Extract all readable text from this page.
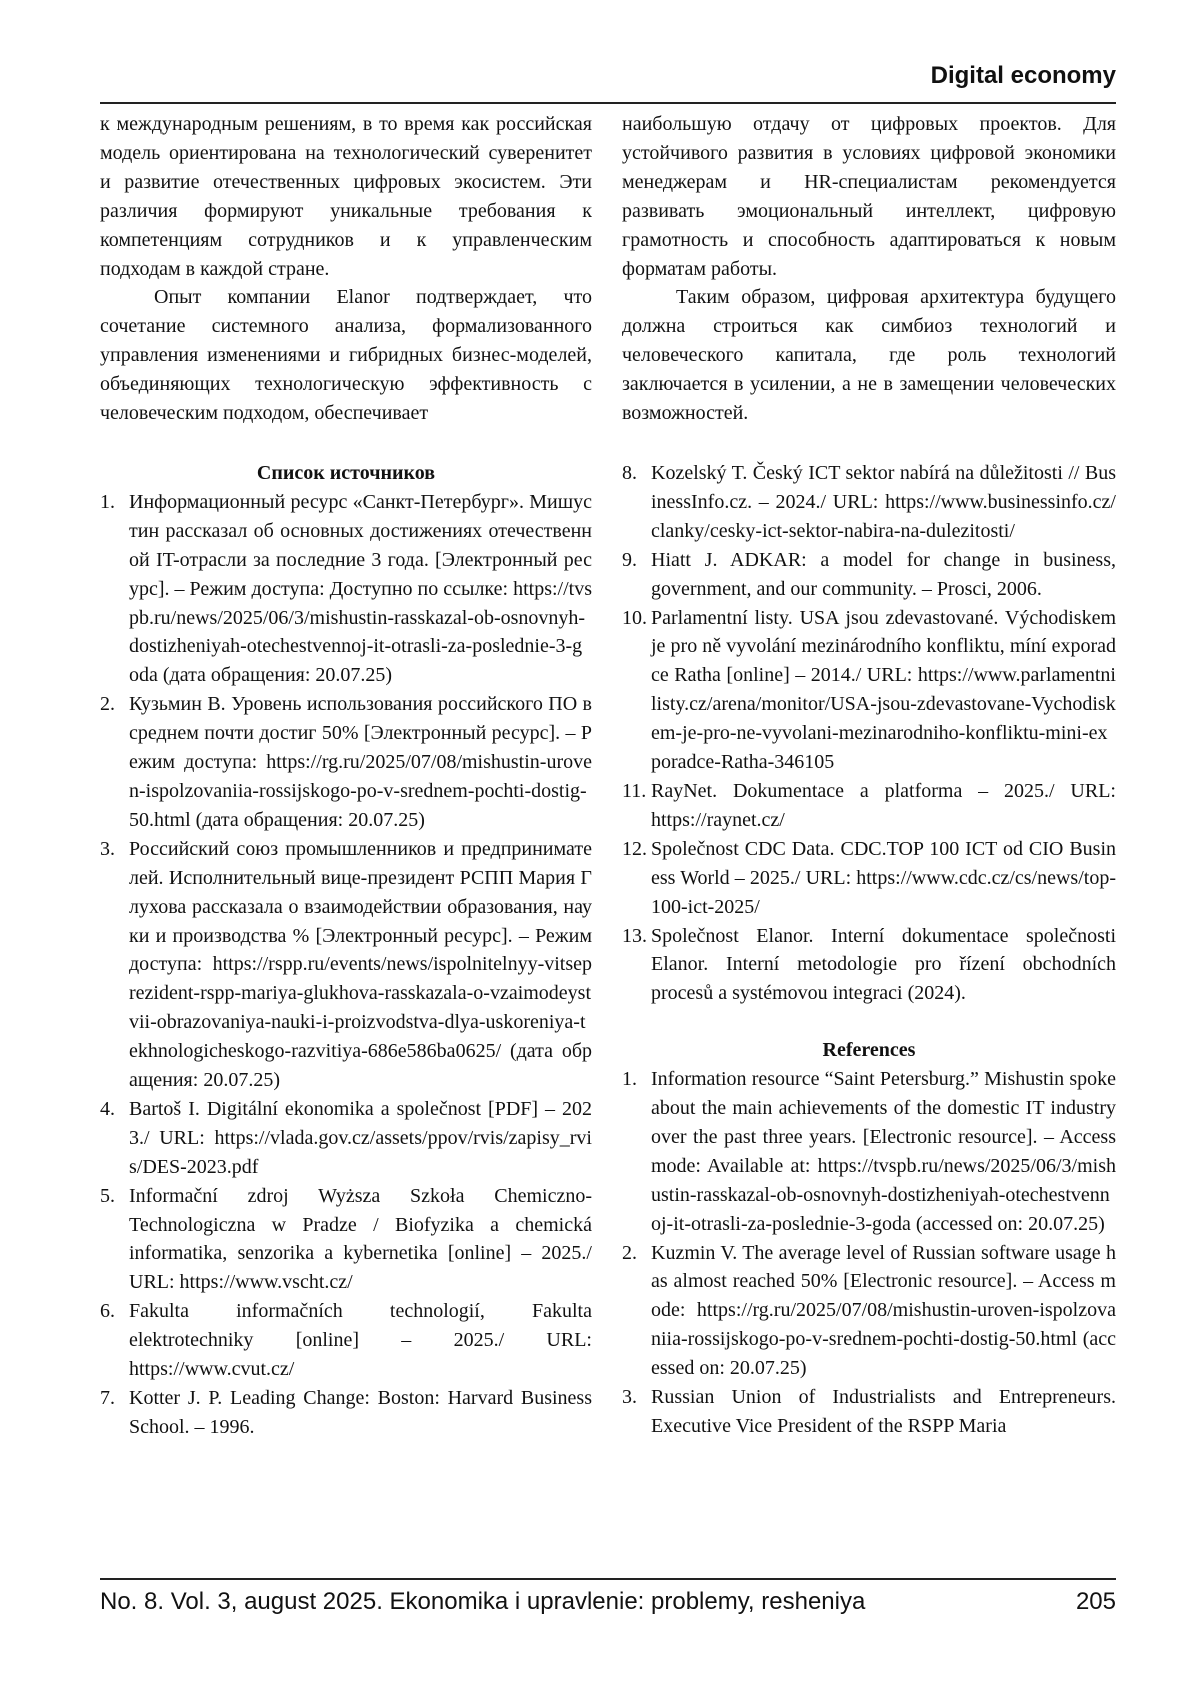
Digital economy

к международным решениям, в то время как российская модель ориентирована на технологический суверенитет и развитие отечественных цифровых экосистем. Эти различия формируют уникальные требования к компетенциям сотрудников и к управленческим подходам в каждой стране.

Опыт компании Elanor подтверждает, что сочетание системного анализа, формализованного управления изменениями и гибридных бизнес-моделей, объединяющих технологическую эффективность с человеческим подходом, обеспечивает

наибольшую отдачу от цифровых проектов. Для устойчивого развития в условиях цифровой экономики менеджерам и HR-специалистам рекомендуется развивать эмоциональный интеллект, цифровую грамотность и способность адаптироваться к новым форматам работы.

Таким образом, цифровая архитектура будущего должна строиться как симбиоз технологий и человеческого капитала, где роль технологий заключается в усилении, а не в замещении человеческих возможностей.

Список источников

1. Информационный ресурс «Санкт-Петербург». Мишустин рассказал об основных достижениях отечественной IT-отрасли за последние 3 года. [Электронный ресурс]. – Режим доступа: Доступно по ссылке: https://tvspb.ru/news/2025/06/3/mishustin-rasskazal-ob-osnovnyh-dostizheniyah-otechestvennoj-it-otrasli-za-poslednie-3-goda (дата обращения: 20.07.25)
2. Кузьмин В. Уровень использования российского ПО в среднем почти достиг 50% [Электронный ресурс]. – Режим доступа: https://rg.ru/2025/07/08/mishustin-uroven-ispolzovaniia-rossijskogo-po-v-srednem-pochti-dostig-50.html (дата обращения: 20.07.25)
3. Российский союз промышленников и предпринимателей. Исполнительный вице-президент РСПП Мария Глухова рассказала о взаимодействии образования, науки и производства % [Электронный ресурс]. – Режим доступа: https://rspp.ru/events/news/ispolnitelnyy-vitseprezident-rspp-mariya-glukhova-rasskazala-o-vzaimodeystvii-obrazovaniya-nauki-i-proizvodstva-dlya-uskoreniya-tekhnologicheskogo-razvitiya-686e586ba0625/ (дата обращения: 20.07.25)
4. Bartoš I. Digitální ekonomika a společnost [PDF] – 2023./ URL: https://vlada.gov.cz/assets/ppov/rvis/zapisy_rvis/DES-2023.pdf
5. Informační zdroj Wyższa Szkoła Chemiczno-Technologiczna w Pradze / Biofyzika a chemická informatika, senzorika a kybernetika [online] – 2025./ URL: https://www.vscht.cz/
6. Fakulta informačních technologií, Fakulta elektrotechniky [online] – 2025./ URL: https://www.cvut.cz/
7. Kotter J. P. Leading Change: Boston: Harvard Business School. – 1996.
8. Kozelský T. Český ICT sektor nabírá na důležitosti // BusinessInfo.cz. – 2024./ URL: https://www.businessinfo.cz/clanky/cesky-ict-sektor-nabira-na-dulezitosti/
9. Hiatt J. ADKAR: a model for change in business, government, and our community. – Prosci, 2006.
10. Parlamentní listy. USA jsou zdevastované. Východiskem je pro ně vyvolání mezinárodního konfliktu, míní exporadce Ratha [online] – 2014./ URL: https://www.parlamentnilisty.cz/arena/monitor/USA-jsou-zdevastovane-Vychodiskem-je-pro-ne-vyvolani-mezinarodniho-konfliktu-mini-exporadce-Ratha-346105
11. RayNet. Dokumentace a platforma – 2025./ URL: https://raynet.cz/
12. Společnost CDC Data. CDC.TOP 100 ICT od CIO Business World – 2025./ URL: https://www.cdc.cz/cs/news/top-100-ict-2025/
13. Společnost Elanor. Interní dokumentace společnosti Elanor. Interní metodologie pro řízení obchodních procesů a systémovou integraci (2024).

References

1. Information resource “Saint Petersburg.” Mishustin spoke about the main achievements of the domestic IT industry over the past three years. [Electronic resource]. – Access mode: Available at: https://tvspb.ru/news/2025/06/3/mishustin-rasskazal-ob-osnovnyh-dostizheniyah-otechestvennoj-it-otrasli-za-poslednie-3-goda (accessed on: 20.07.25)
2. Kuzmin V. The average level of Russian software usage has almost reached 50% [Electronic resource]. – Access mode: https://rg.ru/2025/07/08/mishustin-uroven-ispolzovaniia-rossijskogo-po-v-srednem-pochti-dostig-50.html (accessed on: 20.07.25)
3. Russian Union of Industrialists and Entrepreneurs. Executive Vice President of the RSPP Maria
No. 8. Vol. 3, august 2025. Ekonomika i upravlenie: problemy, resheniya	205
